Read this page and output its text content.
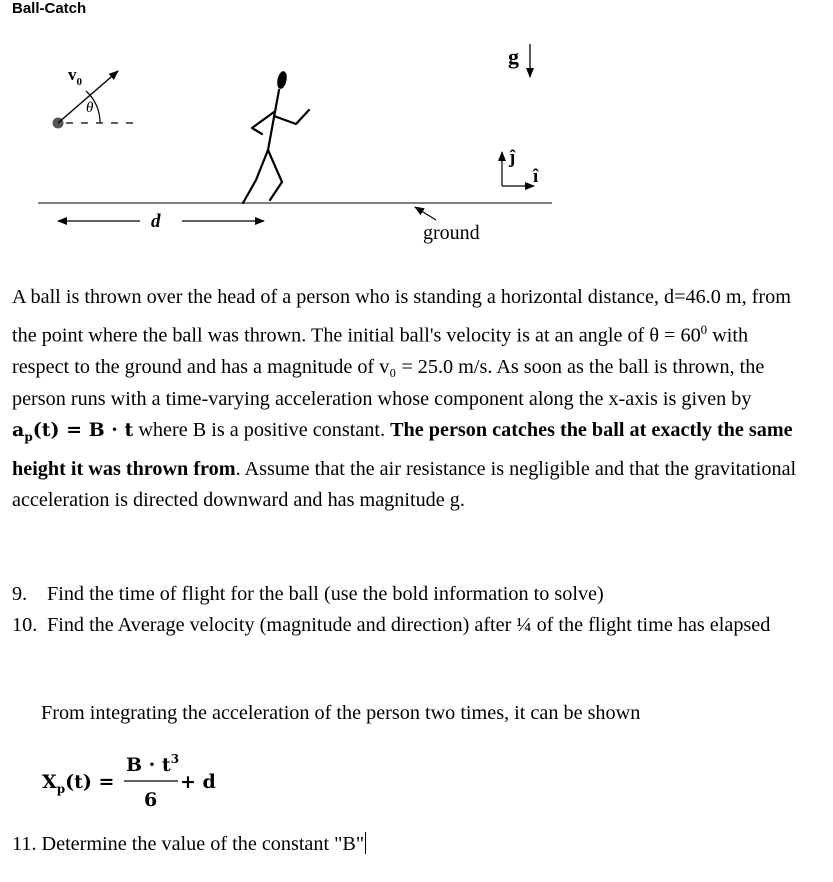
Ball-Catch
$v_0$
θ
ground
d
g
ĵ
î
A ball is thrown over the head of a person who is standing a horizontal distance, d=46.0 m, from the point where the ball was thrown. The initial ball's velocity is at an angle of $\theta = 60^0$ with respect to the ground and has a magnitude of v₀ = 25.0 m/s. As soon as the ball is thrown, the person runs with a time-varying acceleration whose component along the x-axis is given by $a_p(t) = B \cdot t$ where B is a positive constant. The person catches the ball at exactly the same height it was thrown from. Assume that the air resistance is negligible and that the gravitational acceleration is directed downward and has magnitude g.
9. Find the time of flight for the ball (use the bold information to solve)
10. Find the Average velocity (magnitude and direction) after ¼ of the flight time has elapsed
From integrating the acceleration of the person two times, it can be shown
$X_p(t)$ =
$B \cdot t^3$
6
+ d
11. Determine the value of the constant "B"
